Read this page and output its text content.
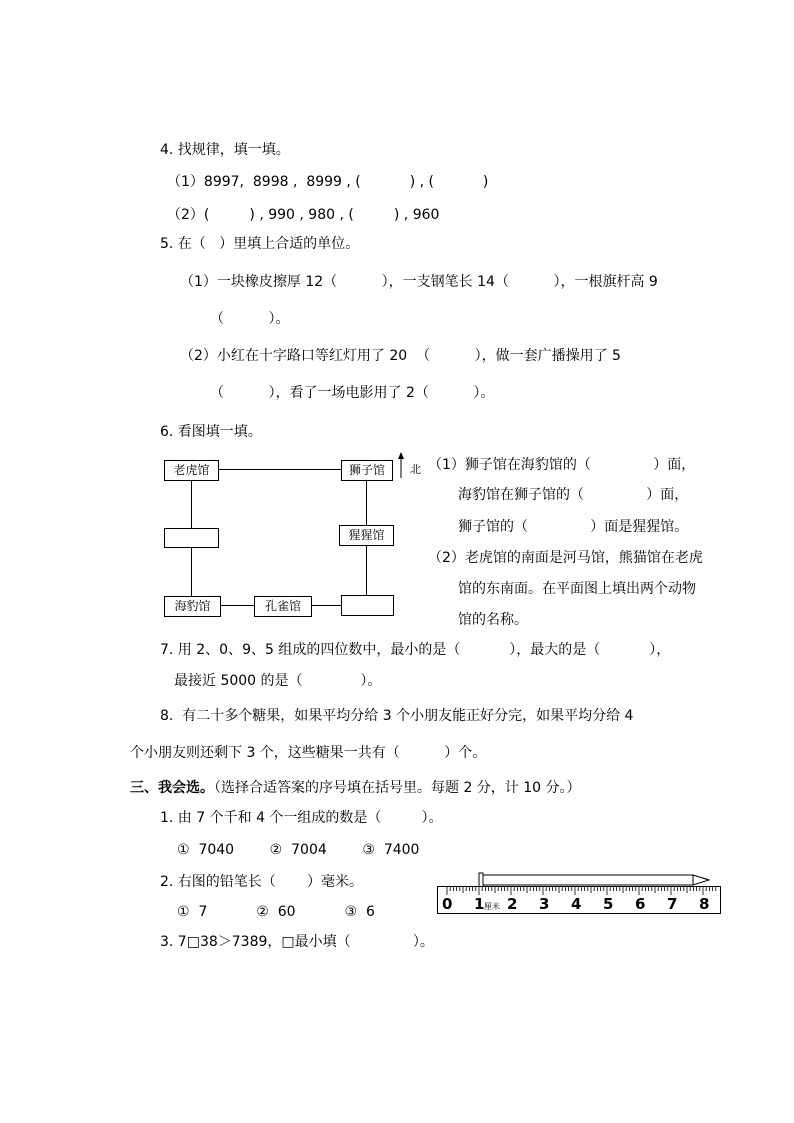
4. 找规律，填一填。
（1）8997,  8998 ,  8999 , (           ) , (           )
（2）(         ) , 990 , 980 , (         ) , 960
5. 在（   ）里填上合适的单位。
（1）一块橡皮擦厚 12（          ），一支钢笔长 14（          ），一根旗杆高 9
（          ）。
（2）小红在十字路口等红灯用了 20  （          ），做一套广播操用了 5
（          ），看了一场电影用了 2（          ）。
6. 看图填一填。
老虎馆	狮子馆
猩猩馆
海豹馆	孔雀馆
北 （1）狮子馆在海豹馆的（              ）面，
海豹馆在狮子馆的（              ）面，
狮子馆的（              ）面是猩猩馆。
（2）老虎馆的南面是河马馆，熊猫馆在老虎
馆的东南面。在平面图上填出两个动物
馆的名称。
7. 用 2、0、9、5 组成的四位数中，最小的是（           ），最大的是（           ），
最接近 5000 的是（             ）。
8.  有二十多个糖果，如果平均分给 3 个小朋友能正好分完，如果平均分给 4
个小朋友则还剩下 3 个，这些糖果一共有（          ）个。
三、我会选。（选择合适答案的序号填在括号里。每题 2 分，计 10 分。）
1. 由 7 个千和 4 个一组成的数是（         ）。
①  7040        ②  7004        ③  7400
2. 右图的铅笔长（       ）毫米。
①  7           ②  60           ③  6
3. 7□38＞7389，□最小填（              ）。
0 1 厘米 2 3 4 5 6 7 8
